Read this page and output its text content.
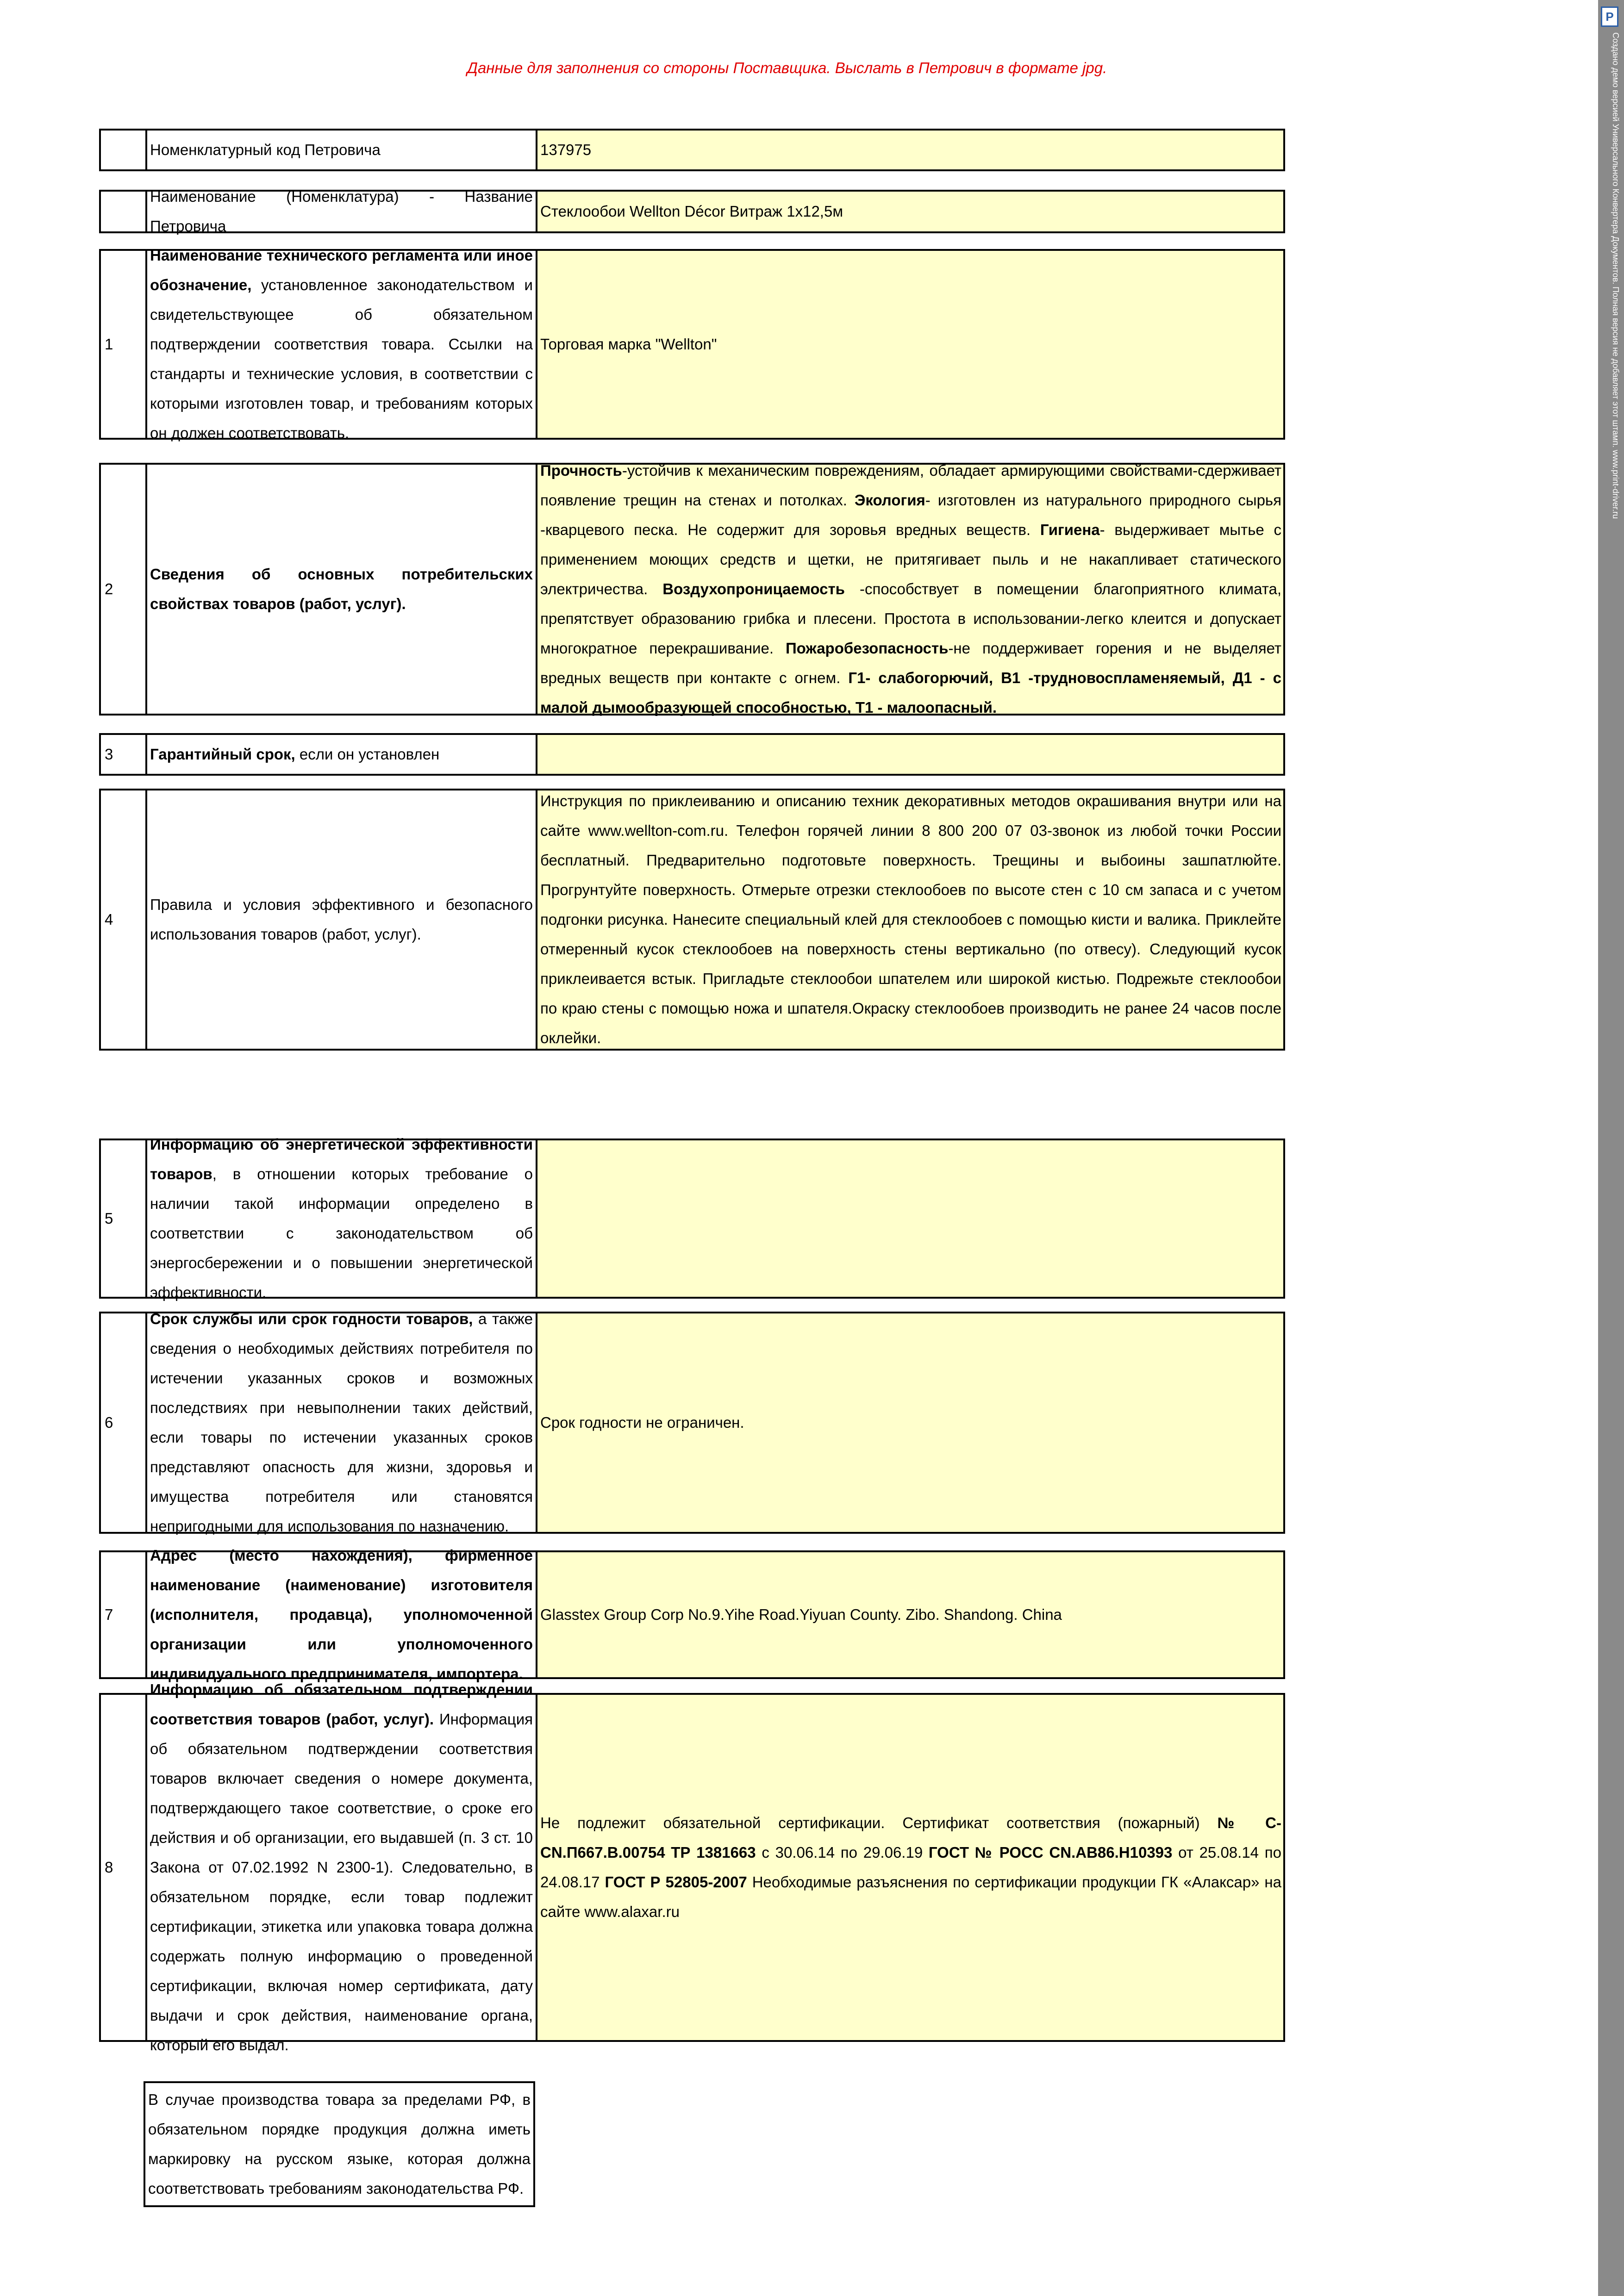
Данные для заполнения со стороны Поставщика. Выслать в Петрович в формате jpg.
Номенклатурный код Петровича	137975
Наименование (Номенклатура) - Название Петровича
Стеклообои Wellton Décor Витраж 1х12,5м
1
Наименование технического регламента или иное обозначение, установленное законодательством и свидетельствующее об обязательном подтверждении соответствия товара. Ссылки на стандарты и технические условия, в соответствии с которыми изготовлен товар, и требованиям которых он должен соответствовать.
Торговая марка "Wellton"
2
Сведения об основных потребительских свойствах товаров (работ, услуг).
Прочность-устойчив к механическим повреждениям, обладает армирующими свойствами-сдерживает появление трещин на стенах и потолках. Экология- изготовлен из натурального природного сырья -кварцевого песка. Не содержит для зоровья вредных веществ. Гигиена- выдерживает мытье с применением моющих средств и щетки, не притягивает пыль и не накапливает статического электричества. Воздухопроницаемость -способствует в помещении благоприятного климата, препятствует образованию грибка и плесени. Простота в использовании-легко клеится и допускает многократное перекрашивание. Пожаробезопасность-не поддерживает горения и не выделяет вредных веществ при контакте с огнем. Г1- слабогорючий, В1 -трудновоспламеняемый, Д1 - с малой дымообразующей способностью, Т1 - малоопасный.
3	Гарантийный срок, если он установлен
4
Правила и условия эффективного и безопасного использования товаров (работ, услуг).
Инструкция по приклеиванию и описанию техник декоративных методов окрашивания внутри или на сайте www.wellton-com.ru. Телефон горячей линии 8 800 200 07 03-звонок из любой точки России бесплатный. Предварительно подготовьте поверхность. Трещины и выбоины зашпатлюйте. Прогрунтуйте поверхность. Отмерьте отрезки стеклообоев по высоте стен с 10 см запаса и с учетом подгонки рисунка. Нанесите специальный клей для стеклообоев с помощью кисти и валика. Приклейте отмеренный кусок стеклообоев на поверхность стены вертикально (по отвесу). Следующий кусок приклеивается встык. Пригладьте стеклообои шпателем или широкой кистью. Подрежьте стеклообои по краю стены с помощью ножа и шпателя.Окраску стеклообоев производить не ранее 24 часов после оклейки.
5
Информацию об энергетической эффективности товаров, в отношении которых требование о наличии такой информации определено в соответствии с законодательством об энергосбережении и о повышении энергетической эффективности.
6
Срок службы или срок годности товаров, а также сведения о необходимых действиях потребителя по истечении указанных сроков и возможных последствиях при невыполнении таких действий, если товары по истечении указанных сроков представляют опасность для жизни, здоровья и имущества потребителя или становятся непригодными для использования по назначению.
Срок годности не ограничен.
7
Адрес (место нахождения), фирменное наименование (наименование) изготовителя (исполнителя, продавца), уполномоченной организации или уполномоченного индивидуального предпринимателя, импортера.
Glasstex Group Corp No.9.Yihe Road.Yiyuan County. Zibo. Shandong. China
8
Информацию об обязательном подтверждении соответствия товаров (работ, услуг). Информация об обязательном подтверждении соответствия товаров включает сведения о номере документа, подтверждающего такое соответствие, о сроке его действия и об организации, его выдавшей (п. 3 ст. 10 Закона от 07.02.1992 N 2300-1). Следовательно, в обязательном порядке, если товар подлежит сертификации, этикетка или упаковка товара должна содержать полную информацию о проведенной сертификации, включая номер сертификата, дату выдачи и срок действия, наименование органа, который его выдал.
Не подлежит обязательной сертификации. Сертификат соответствия (пожарный) № С-CN.П667.В.00754 ТР 1381663 с 30.06.14 по 29.06.19 ГОСТ № РОСС CN.АВ86.Н10393 от 25.08.14 по 24.08.17 ГОСТ Р 52805-2007 Необходимые разъяснения по сертификации продукции ГК «Алаксар» на сайте www.alaxar.ru
В случае производства товара за пределами РФ, в обязательном порядке продукция должна иметь маркировку на русском языке, которая должна соответствовать требованиям законодательства РФ.
Р
Создано демо версией Универсального Конвертера Документов. Полная версия не добавляет этот штамп. www.print-driver.ru
